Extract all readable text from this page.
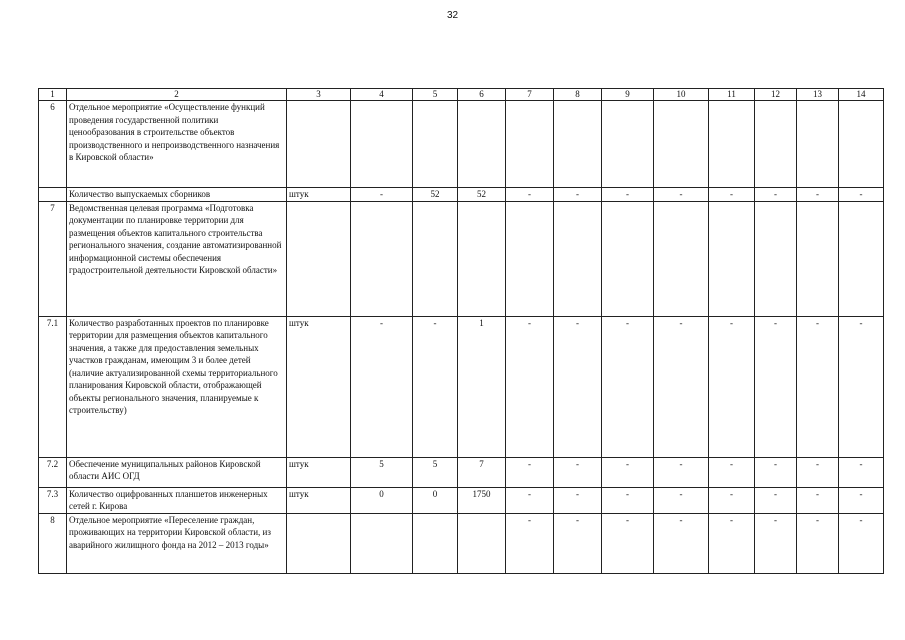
32
1	2	3	4	5	6	7	8	9	10	11	12	13	14
6	Отдельное мероприятие «Осуществление функций проведения государственной политики ценообразования в строительстве объектов производственного и непроизводственного назначения в Кировской области»												
	Количество выпускаемых сборников	штук	-	52	52	-	-	-	-	-	-	-	-
7	Ведомственная целевая программа «Подготовка документации по планировке территории для размещения объектов капитального строительства регионального значения, создание автоматизированной информационной системы обеспечения градостроительной деятельности Кировской области»												
7.1	Количество разработанных проектов по планировке территории для размещения объектов капитального значения, а также для предоставления земельных участков гражданам, имеющим 3 и более детей (наличие актуализированной схемы территориального планирования Кировской области, отображающей объекты регионального значения, планируемые к строительству)	штук	-	-	1	-	-	-	-	-	-	-	-
7.2	Обеспечение муниципальных районов Кировской области АИС ОГД	штук	5	5	7	-	-	-	-	-	-	-	-
7.3	Количество оцифрованных планшетов инженерных сетей г. Кирова	штук	0	0	1750	-	-	-	-	-	-	-	-
8	Отдельное мероприятие «Переселение граждан, проживающих на территории Кировской области, из аварийного жилищного фонда на 2012 – 2013 годы»					-	-	-	-	-	-	-	-
